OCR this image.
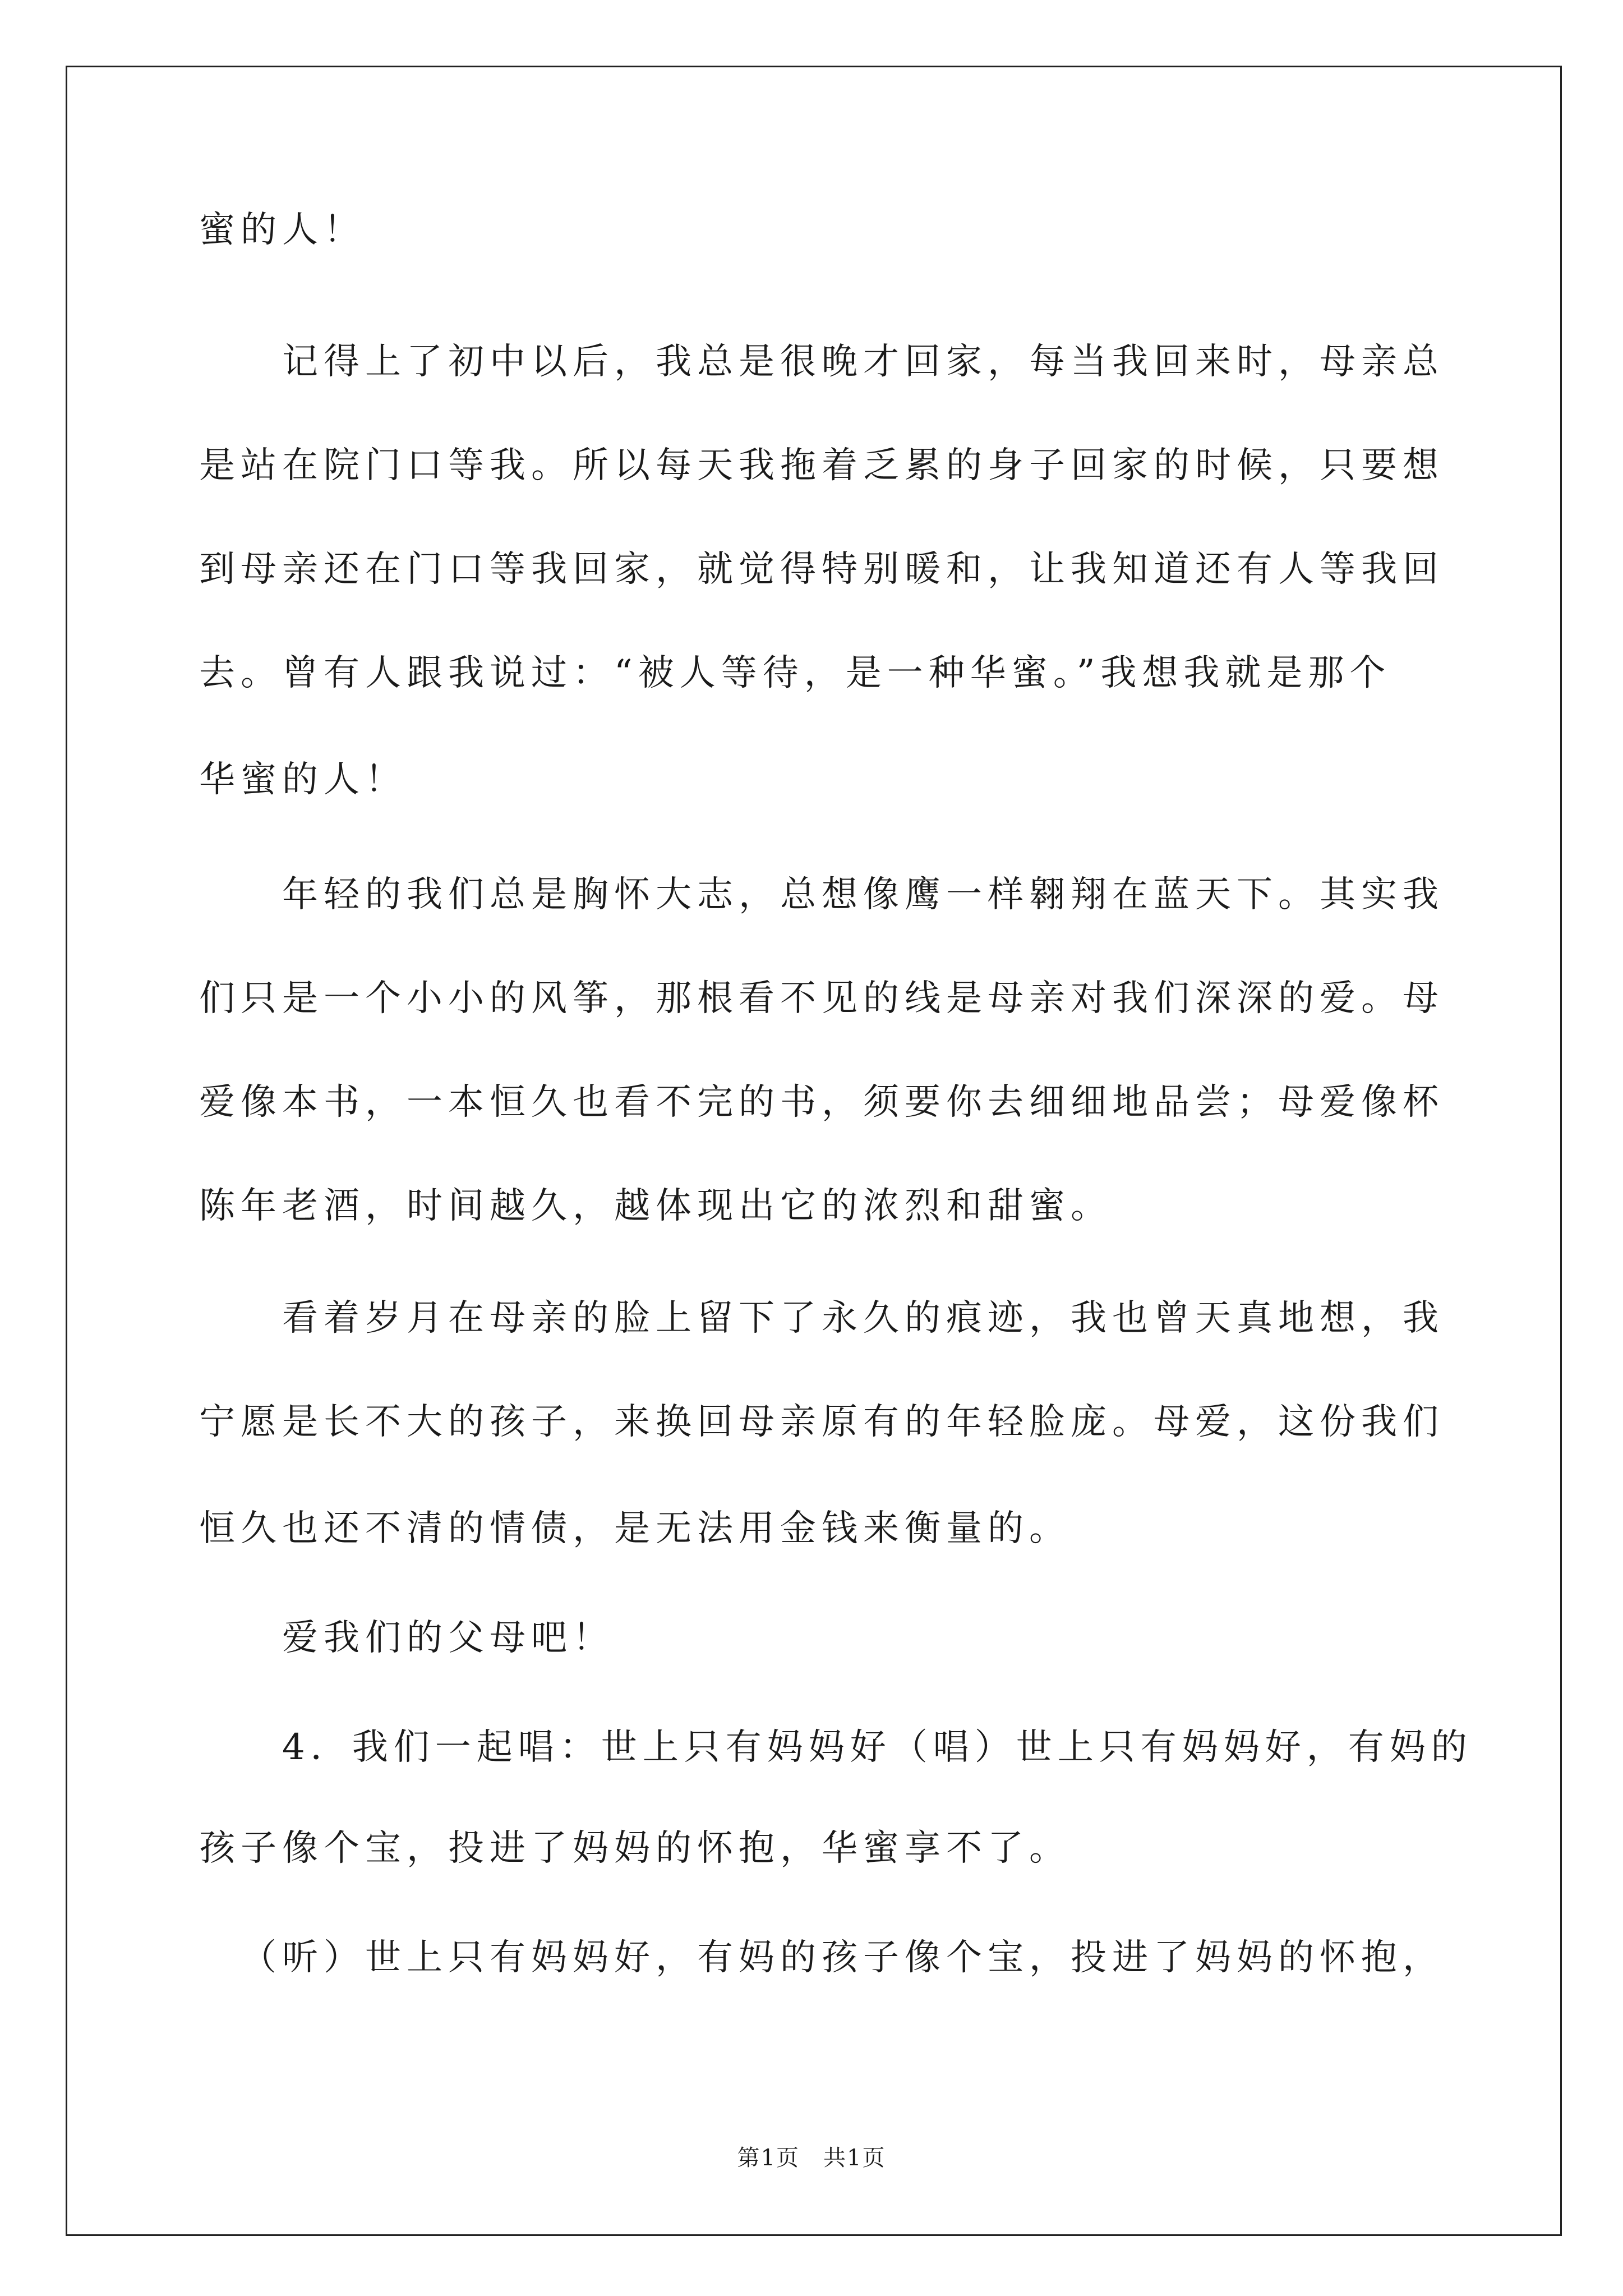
蜜的人！
记得上了初中以后，我总是很晚才回家，每当我回来时，母亲总
是站在院门口等我。所以每天我拖着乏累的身子回家的时候，只要想
到母亲还在门口等我回家，就觉得特别暖和，让我知道还有人等我回
去。曾有人跟我说过：“被人等待，是一种华蜜。”我想我就是那个
华蜜的人！
年轻的我们总是胸怀大志，总想像鹰一样翱翔在蓝天下。其实我
们只是一个小小的风筝，那根看不见的线是母亲对我们深深的爱。母
爱像本书，一本恒久也看不完的书，须要你去细细地品尝；母爱像杯
陈年老酒，时间越久，越体现出它的浓烈和甜蜜。
看着岁月在母亲的脸上留下了永久的痕迹，我也曾天真地想，我
宁愿是长不大的孩子，来换回母亲原有的年轻脸庞。母爱，这份我们
恒久也还不清的情债，是无法用金钱来衡量的。
爱我们的父母吧！
4．我们一起唱：世上只有妈妈好（唱）世上只有妈妈好，有妈的
孩子像个宝，投进了妈妈的怀抱，华蜜享不了。
（听）世上只有妈妈好，有妈的孩子像个宝，投进了妈妈的怀抱，
第1页　共1页
